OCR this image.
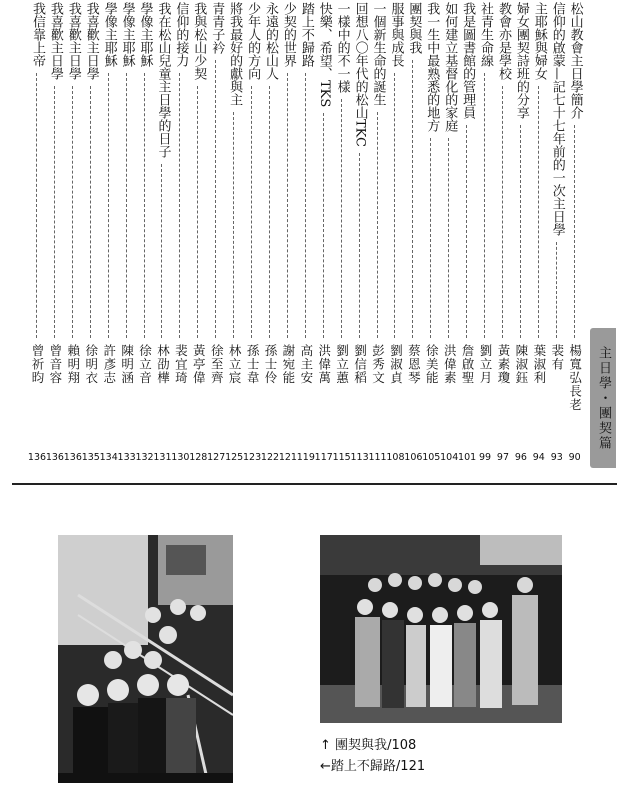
松山教會主日學簡介
楊寬弘長老
90
信仰的啟蒙—記七十七年前的一次主日學
裴有
93
主耶穌與婦女
葉淑利
94
婦女團契詩班的分享
陳淑鈺
96
教會亦是學校
黃素瓊
97
社青生命線
劉立月
99
我是圖書館的管理員
詹啟聖
101
如何建立基督化的家庭
洪偉素
104
我一生中最熟悉的地方
徐美能
105
團契與我
蔡恩琴
106
服事與成長
劉淑貞
108
一個新生命的誕生
彭秀文
111
回想八〇年代的松山TKC
劉信稻
113
一樣中的不一樣
劉立蕙
115
快樂、希望、TKS
洪偉萬
117
踏上不歸路
高主安
119
少契的世界
謝宛能
121
永遠的松山人
孫士伶
122
少年人的方向
孫士韋
123
將我最好的獻與主
林立宸
125
青青子衿
徐至齊
127
我與松山少契
黃亭偉
128
信仰的接力
裴宜琦
130
我在松山兒童主日學的日子
林劭樺
131
學像主耶穌
徐立音
132
學像主耶穌
陳明涵
133
學像主耶穌
許彥志
134
我喜歡主日學
徐明衣
135
我喜歡主日學
賴明翔
136
我喜歡主日學
曾音容
136
我信靠上帝
曾祈昀
136
主日學・團契篇
↑ 團契與我/108
←踏上不歸路/121
